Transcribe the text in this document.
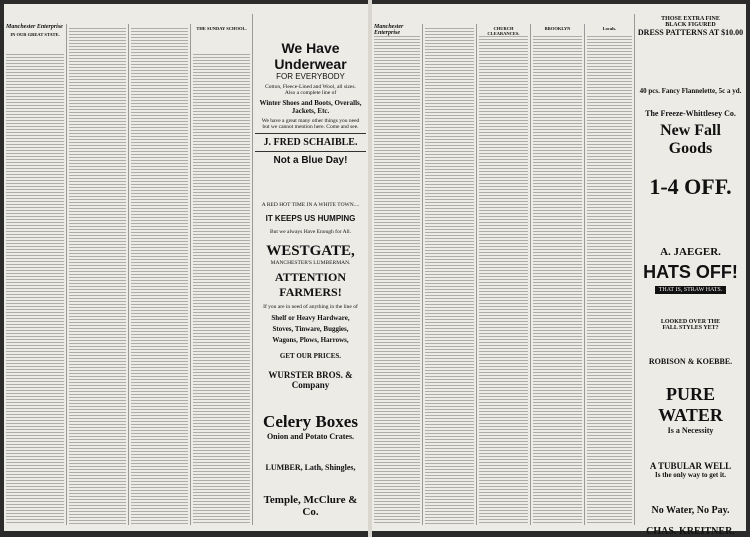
Manchester Enterprise
IN OUR GREAT STATE.
THE SUNDAY SCHOOL.
We Have Underwear
FOR EVERYBODY
Cotton, Fleece-Lined and Wool, all sizes. Also a complete line of
Winter Shoes and Boots, Overalls, Jackets, Etc.
We have a great many other things you need but we cannot mention here. Come and see.
J. FRED SCHAIBLE.
Not a Blue Day!
A RED HOT TIME IN A WHITE TOWN....
IT KEEPS US HUMPING
But we always Have Enough for All.
WESTGATE,
MANCHESTER'S LUMBERMAN.
ATTENTION FARMERS!
If you are in need of anything in the line of
Shelf or Heavy Hardware,
Stoves, Tinware, Buggies,
Wagons, Plows, Harrows,
GET OUR PRICES.
WURSTER BROS. & Company
Celery Boxes
Onion and Potato Crates.
LUMBER, Lath, Shingles,
Temple, McClure & Co.
Manchester Enterprise
CHURCH CLEARANCES.
BROOKLYN	Locals.
THOSE EXTRA FINE
BLACK FIGURED
DRESS PATTERNS AT $10.00
40 pcs. Fancy Flannelette, 5c a yd.
The Freeze-Whittlesey Co.
New Fall Goods
1-4 OFF.
A. JAEGER.
HATS OFF!
THAT IS, STRAW HATS.
LOOKED OVER THE FALL STYLES YET?
ROBISON & KOEBBE.
PURE WATER
Is a Necessity
A TUBULAR WELL
Is the only way to get it.
No Water, No Pay.
CHAS. KREITNER.
